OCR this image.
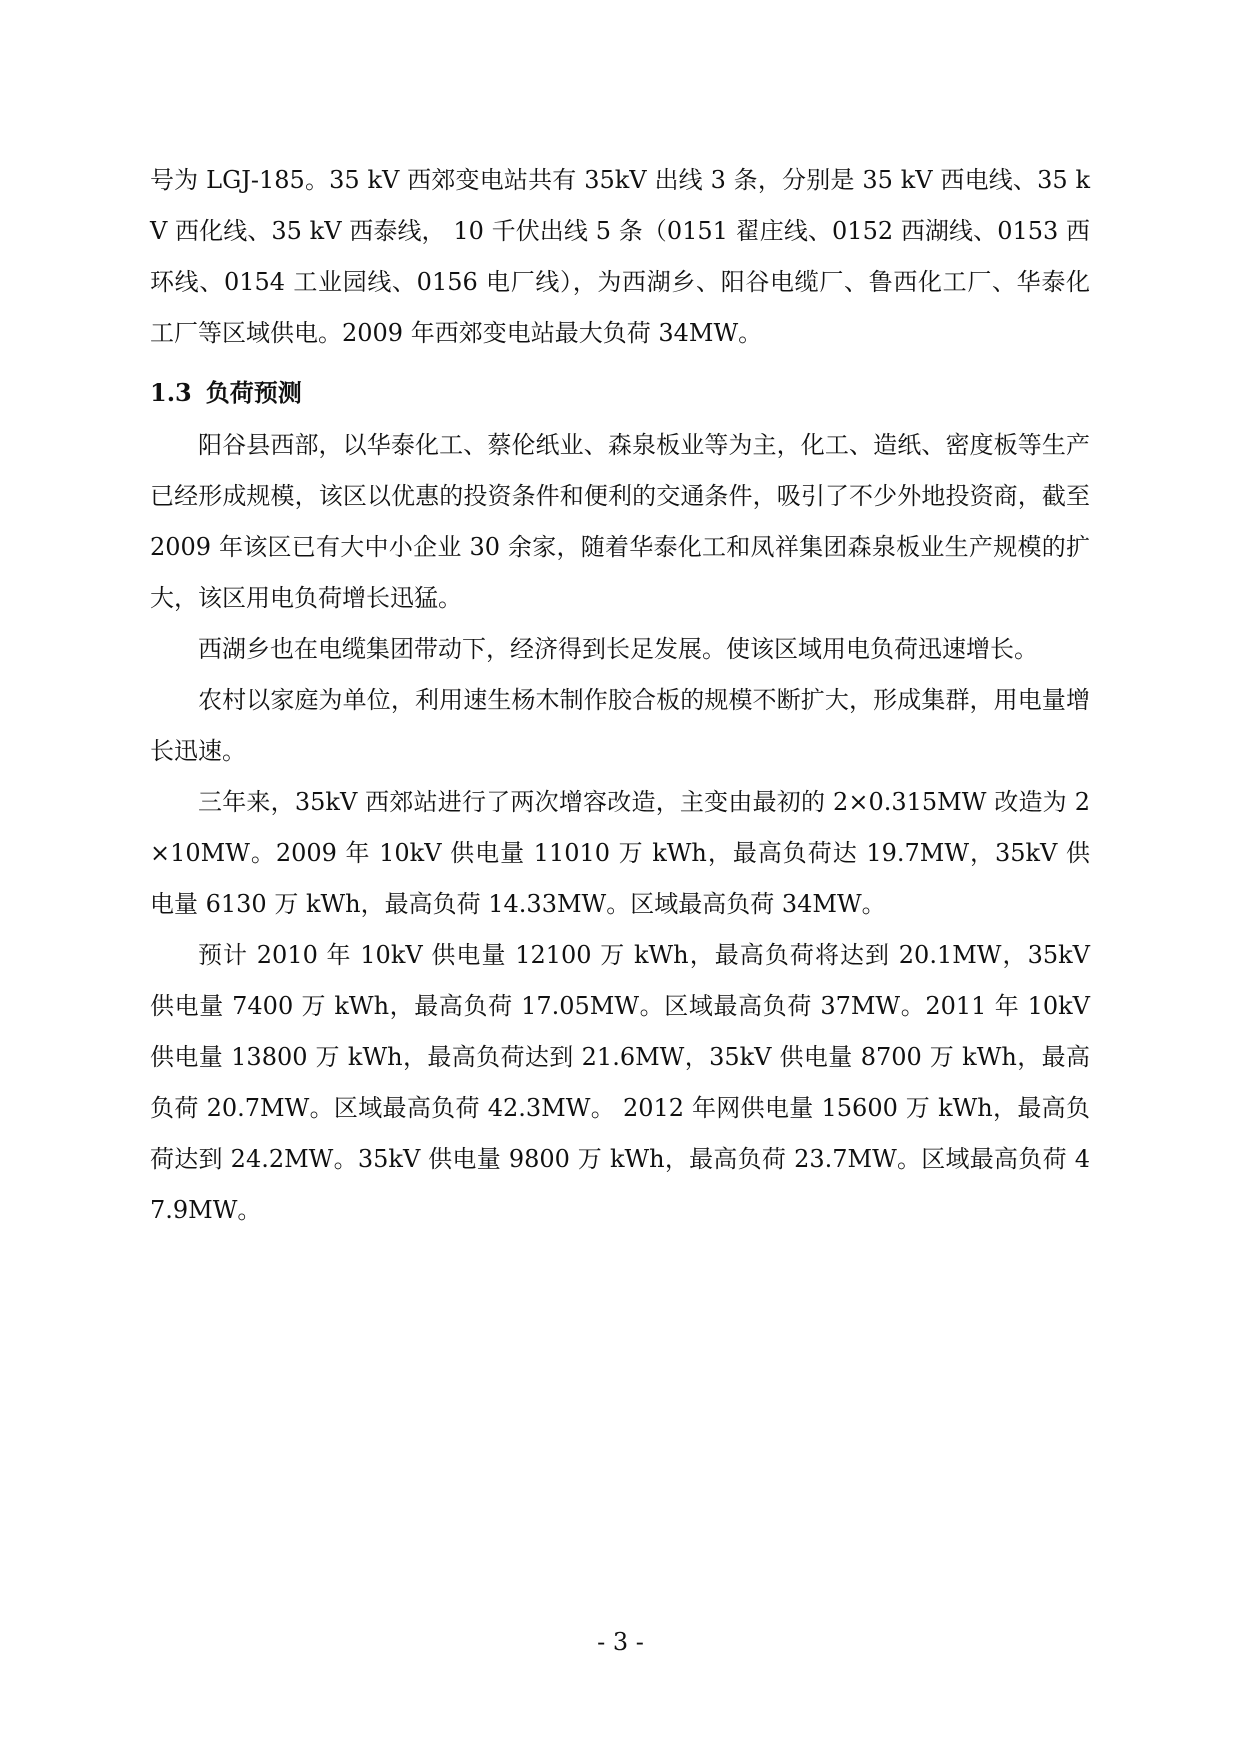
号为 LGJ-185。35 kV 西郊变电站共有 35kV 出线 3 条，分别是 35 kV 西电线、35 kV 西化线、35 kV 西泰线， 10 千伏出线 5 条（0151 翟庄线、0152 西湖线、0153 西环线、0154 工业园线、0156 电厂线），为西湖乡、阳谷电缆厂、鲁西化工厂、华泰化工厂等区域供电。2009 年西郊变电站最大负荷 34MW。

1.3 负荷预测

阳谷县西部，以华泰化工、蔡伦纸业、森泉板业等为主，化工、造纸、密度板等生产已经形成规模，该区以优惠的投资条件和便利的交通条件，吸引了不少外地投资商，截至 2009 年该区已有大中小企业 30 余家，随着华泰化工和凤祥集团森泉板业生产规模的扩大，该区用电负荷增长迅猛。

西湖乡也在电缆集团带动下，经济得到长足发展。使该区域用电负荷迅速增长。

农村以家庭为单位，利用速生杨木制作胶合板的规模不断扩大，形成集群，用电量增长迅速。

三年来，35kV 西郊站进行了两次增容改造，主变由最初的 2×0.315MW 改造为 2×10MW。2009 年 10kV 供电量 11010 万 kWh，最高负荷达 19.7MW，35kV 供电量 6130 万 kWh，最高负荷 14.33MW。区域最高负荷 34MW。

预计 2010 年 10kV 供电量 12100 万 kWh，最高负荷将达到 20.1MW，35kV 供电量 7400 万 kWh，最高负荷 17.05MW。区域最高负荷 37MW。2011 年 10kV 供电量 13800 万 kWh，最高负荷达到 21.6MW，35kV 供电量 8700 万 kWh，最高负荷 20.7MW。区域最高负荷 42.3MW。 2012 年网供电量 15600 万 kWh，最高负荷达到 24.2MW。35kV 供电量 9800 万 kWh，最高负荷 23.7MW。区域最高负荷 47.9MW。

- 3 -
